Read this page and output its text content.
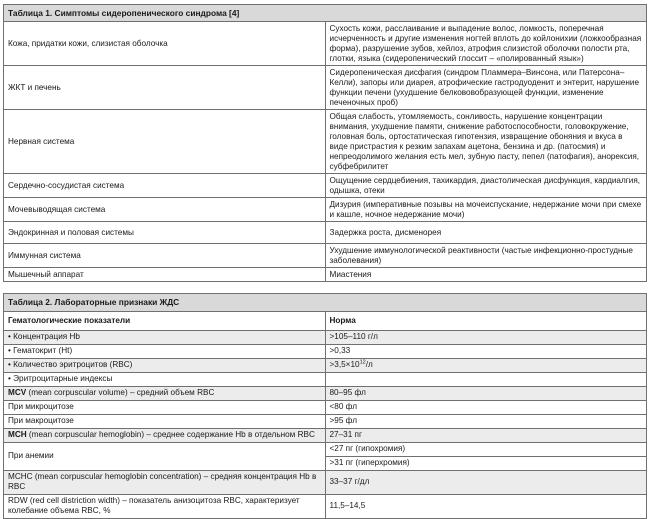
Таблица 1. Симптомы сидеропенического синдрома [4]	
Кожа, придатки кожи, слизистая оболочка	Сухость кожи, расслаивание и выпадение волос, ломкость, поперечная исчерченность и другие изменения ногтей вплоть до койлонихии (ложкообразная форма), разрушение зубов, хейлоз, атрофия слизистой оболочки полости рта, глотки, языка (сидеропенический глоссит – «полированный язык»)
ЖКТ и печень	Сидеропеническая дисфагия (синдром Пламмера–Винсона, или Патерсона–Келли), запоры или диарея, атрофические гастродуоденит и энтерит, нарушение функции печени (ухудшение белкововобразующей функции, изменение печеночных проб)
Нервная система	Общая слабость, утомляемость, сонливость, нарушение концентрации внимания, ухудшение памяти, снижение работоспособности, головокружение, головная боль, ортостатическая гипотензия, извращение обоняния и вкуса в виде пристрастия к резким запахам ацетона, бензина и др. (патосмия) и непреодолимого желания есть мел, зубную пасту, пепел (патофагия), анорексия, субфебрилитет
Сердечно-сосудистая система	Ощущение сердцебиения, тахикардия, диастолическая дисфункция, кардиалгия, одышка, отеки
Мочевыводящая система	Дизурия (императивные позывы на мочеиспускание, недержание мочи при смехе и кашле, ночное недержание мочи)
Эндокринная и половая системы	Задержка роста, дисменорея
Иммунная система	Ухудшение иммунологической реактивности (частые инфекционно-простудные заболевания)
Мышечный аппарат	Миастения
Таблица 2. Лабораторные признаки ЖДС	
Гематологические показатели	Норма
• Концентрация Hb	>105–110 г/л
• Гематокрит (Ht)	>0,33
• Количество эритроцитов (RBC)	$>3,5\times 10^{12}/л$
• Эритроцитарные индексы	
MCV (mean corpuscular volume) – средний объем RBC	80–95 фл
При микроцитозе	<80 фл
При макроцитозе	>95 фл
MCH (mean corpuscular hemoglobin) – среднее содержание Hb в отдельном RBC	27–31 пг
При анемии	<27 пг (гипохромия)
	>31 пг (гиперхромия)
MCHC (mean corpuscular hemoglobin concentration) – средняя концентрация Hb в RBC	33–37 г/дл
RDW (red cell distriction width) – показатель анизоцитоза RBC, характеризует колебание объема RBC, %	11,5–14,5
